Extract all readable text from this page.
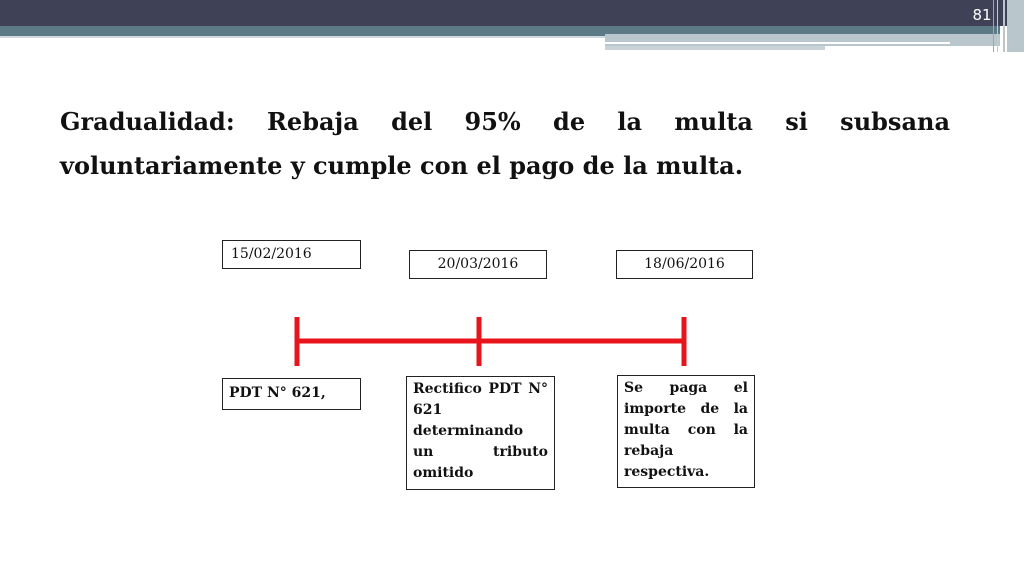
81
Gradualidad: Rebaja del 95% de la multa si subsana voluntariamente y cumple con el pago de la multa.
15/02/2016
20/03/2016	18/06/2016
PDT N° 621,	Rectifico PDT N° 621 determinando un tributo omitido
Se paga el importe de la multa con la rebaja respectiva.
